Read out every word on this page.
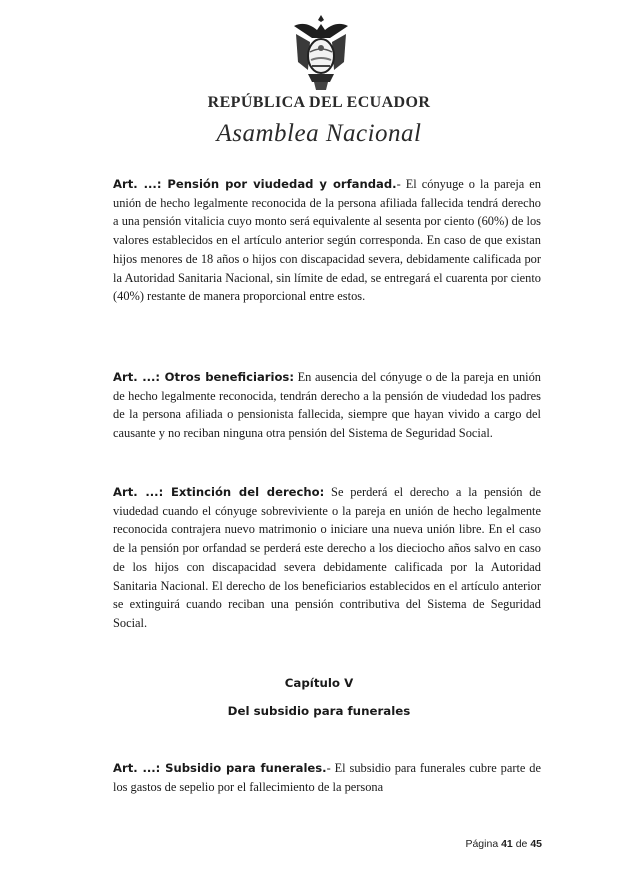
REPÚBLICA DEL ECUADOR
Asamblea Nacional

Art. ...: Pensión por viudedad y orfandad.- El cónyuge o la pareja en unión de hecho legalmente reconocida de la persona afiliada fallecida tendrá derecho a una pensión vitalicia cuyo monto será equivalente al sesenta por ciento (60%) de los valores establecidos en el artículo anterior según corresponda. En caso de que existan hijos menores de 18 años o hijos con discapacidad severa, debidamente calificada por la Autoridad Sanitaria Nacional, sin límite de edad, se entregará el cuarenta por ciento (40%) restante de manera proporcional entre estos.

Art. ...: Otros beneficiarios: En ausencia del cónyuge o de la pareja en unión de hecho legalmente reconocida, tendrán derecho a la pensión de viudedad los padres de la persona afiliada o pensionista fallecida, siempre que hayan vivido a cargo del causante y no reciban ninguna otra pensión del Sistema de Seguridad Social.

Art. ...: Extinción del derecho: Se perderá el derecho a la pensión de viudedad cuando el cónyuge sobreviviente o la pareja en unión de hecho legalmente reconocida contrajera nuevo matrimonio o iniciare una nueva unión libre. En el caso de la pensión por orfandad se perderá este derecho a los dieciocho años salvo en caso de los hijos con discapacidad severa debidamente calificada por la Autoridad Sanitaria Nacional. El derecho de los beneficiarios establecidos en el artículo anterior se extinguirá cuando reciban una pensión contributiva del Sistema de Seguridad Social.

Capítulo V
Del subsidio para funerales

Art. ...: Subsidio para funerales.- El subsidio para funerales cubre parte de los gastos de sepelio por el fallecimiento de la persona

Página 41 de 45
